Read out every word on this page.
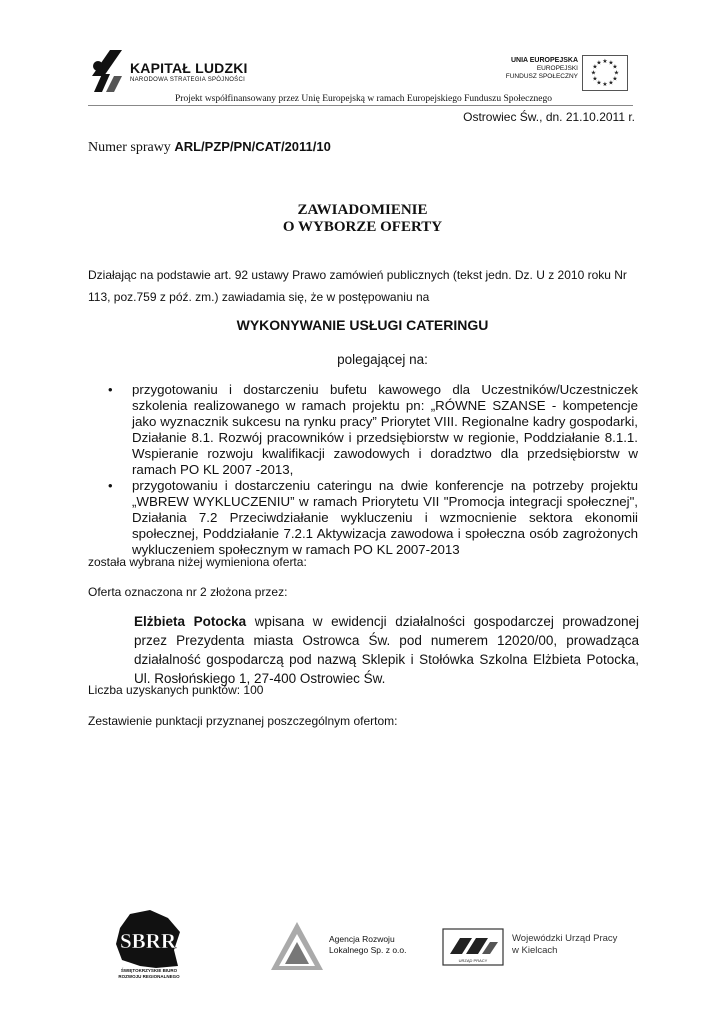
KAPITAŁ LUDZKI
NARODOWA STRATEGIA SPÓJNOŚCI
UNIA EUROPEJSKA
EUROPEJSKI
FUNDUSZ SPOŁECZNY
★ ★
★
★
★
★
★
★
★
★
★
★
Projekt współfinansowany przez Unię Europejską w ramach Europejskiego Funduszu Społecznego
Ostrowiec Św., dn. 21.10.2011 r.
Numer sprawy ARL/PZP/PN/CAT/2011/10
ZAWIADOMIENIE
O WYBORZE OFERTY
Działając na podstawie art. 92 ustawy Prawo zamówień publicznych (tekst jedn. Dz. U z 2010 roku Nr 113, poz.759 z póź. zm.) zawiadamia się, że w postępowaniu na
WYKONYWANIE USŁUGI CATERINGU
polegającej na:
• przygotowaniu i dostarczeniu bufetu kawowego dla Uczestników/Uczestniczek szkolenia realizowanego w ramach projektu pn: „RÓWNE SZANSE - kompetencje jako wyznacznik sukcesu na rynku pracy” Priorytet VIII. Regionalne kadry gospodarki, Działanie 8.1. Rozwój pracowników i przedsiębiorstw w regionie, Poddziałanie 8.1.1. Wspieranie rozwoju kwalifikacji zawodowych i doradztwo dla przedsiębiorstw w ramach PO KL 2007 -2013,
• przygotowaniu i dostarczeniu cateringu na dwie konferencje na potrzeby projektu „WBREW WYKLUCZENIU” w ramach Priorytetu VII "Promocja integracji społecznej", Działania 7.2 Przeciwdziałanie wykluczeniu i wzmocnienie sektora ekonomii społecznej, Poddziałanie 7.2.1 Aktywizacja zawodowa i społeczna osób zagrożonych wykluczeniem społecznym w ramach PO KL 2007-2013
została wybrana niżej wymieniona oferta:
Oferta oznaczona nr 2 złożona przez:
Elżbieta Potocka wpisana w ewidencji działalności gospodarczej prowadzonej przez Prezydenta miasta Ostrowca Św. pod numerem 12020/00, prowadząca działalność gospodarczą pod nazwą Sklepik i Stołówka Szkolna Elżbieta Potocka, Ul. Rosłońskiego 1, 27-400 Ostrowiec Św.
Liczba uzyskanych punktów: 100
Zestawienie punktacji przyznanej poszczególnym ofertom:
SBRR
ŚWIĘTOKRZYSKIE BIURO
ROZWOJU REGIONALNEGO
Agencja Rozwoju
Lokalnego Sp. z o.o.
URZĄD PRACY
Wojewódzki Urząd Pracy
w Kielcach
